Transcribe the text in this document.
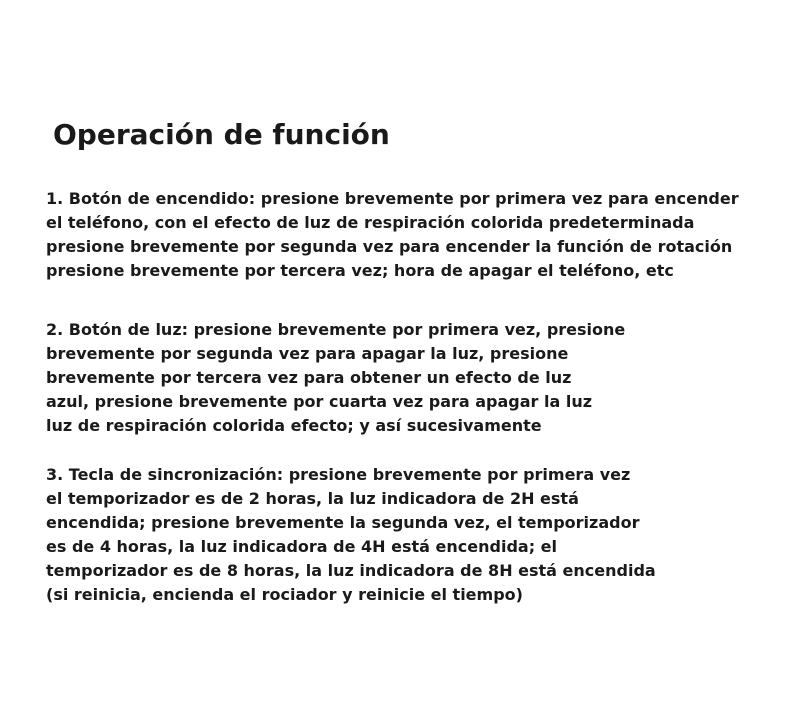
Operación de función
1. Botón de encendido: presione brevemente por primera vez para encender
el teléfono, con el efecto de luz de respiración colorida predeterminada
presione brevemente por segunda vez para encender la función de rotación
presione brevemente por tercera vez; hora de apagar el teléfono, etc
2. Botón de luz: presione brevemente por primera vez, presione
brevemente por segunda vez para apagar la luz, presione
brevemente por tercera vez para obtener un efecto de luz
azul, presione brevemente por cuarta vez para apagar la luz
luz de respiración colorida efecto; y así sucesivamente
3. Tecla de sincronización: presione brevemente por primera vez
el temporizador es de 2 horas, la luz indicadora de 2H está
encendida; presione brevemente la segunda vez, el temporizador
es de 4 horas, la luz indicadora de 4H está encendida; el
temporizador es de 8 horas, la luz indicadora de 8H está encendida
(si reinicia, encienda el rociador y reinicie el tiempo)
